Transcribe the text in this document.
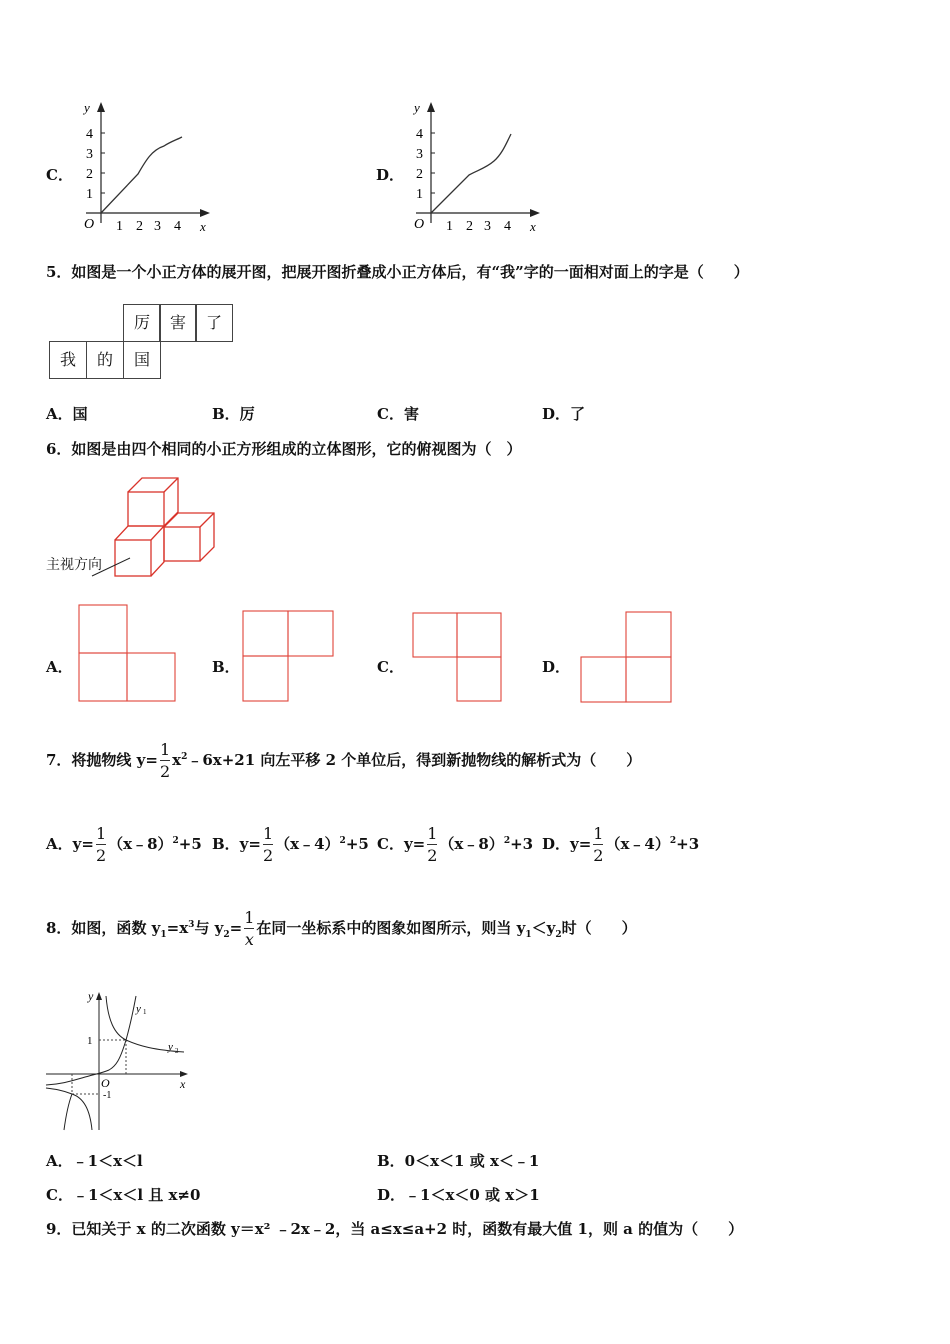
C．
y
x
O
1
2
3
4
1 2 3 4
D．
y
x
O
1
2
3
4
1 2 3 4
5．如图是一个小正方体的展开图，把展开图折叠成小正方体后，有“我”字的一面相对面上的字是（　　）
厉	害	了
我	的	国
A．国	B．厉	C．害	D．了
6．如图是由四个相同的小正方形组成的立体图形，它的俯视图为（　）
主视方向
A．	B．	C．	D．
7．将抛物线 $y= \frac{1}{2}$ $x^2﹣6x+21$ 向左平移 2 个单位后，得到新抛物线的解析式为（　　）
A．$y= \frac{1}{2}$ （x﹣8）$^2$+5 B．$y= \frac{1}{2}$ （x﹣4）$^2$+5 C．$y= \frac{1}{2}$ （x﹣8）$^2$+3 D．$y= \frac{1}{2}$ （x﹣4）$^2$+3
8．如图，函数 $y_1=x^3$与 $y_2= \frac{1}{x}$ 在同一坐标系中的图象如图所示，则当 $y_1<y_2$时（　　）
y
x
O
1
-1
y 1
y 2
A．﹣1＜x＜l	B．0＜x＜1 或 x＜﹣1
C．﹣1＜x＜l 且 x≠0	D．﹣1＜x＜0 或 x＞1
9．已知关于 x 的二次函数 y＝x² ﹣2x﹣2，当 a≤x≤a+2 时，函数有最大值 1，则 a 的值为（　　）
